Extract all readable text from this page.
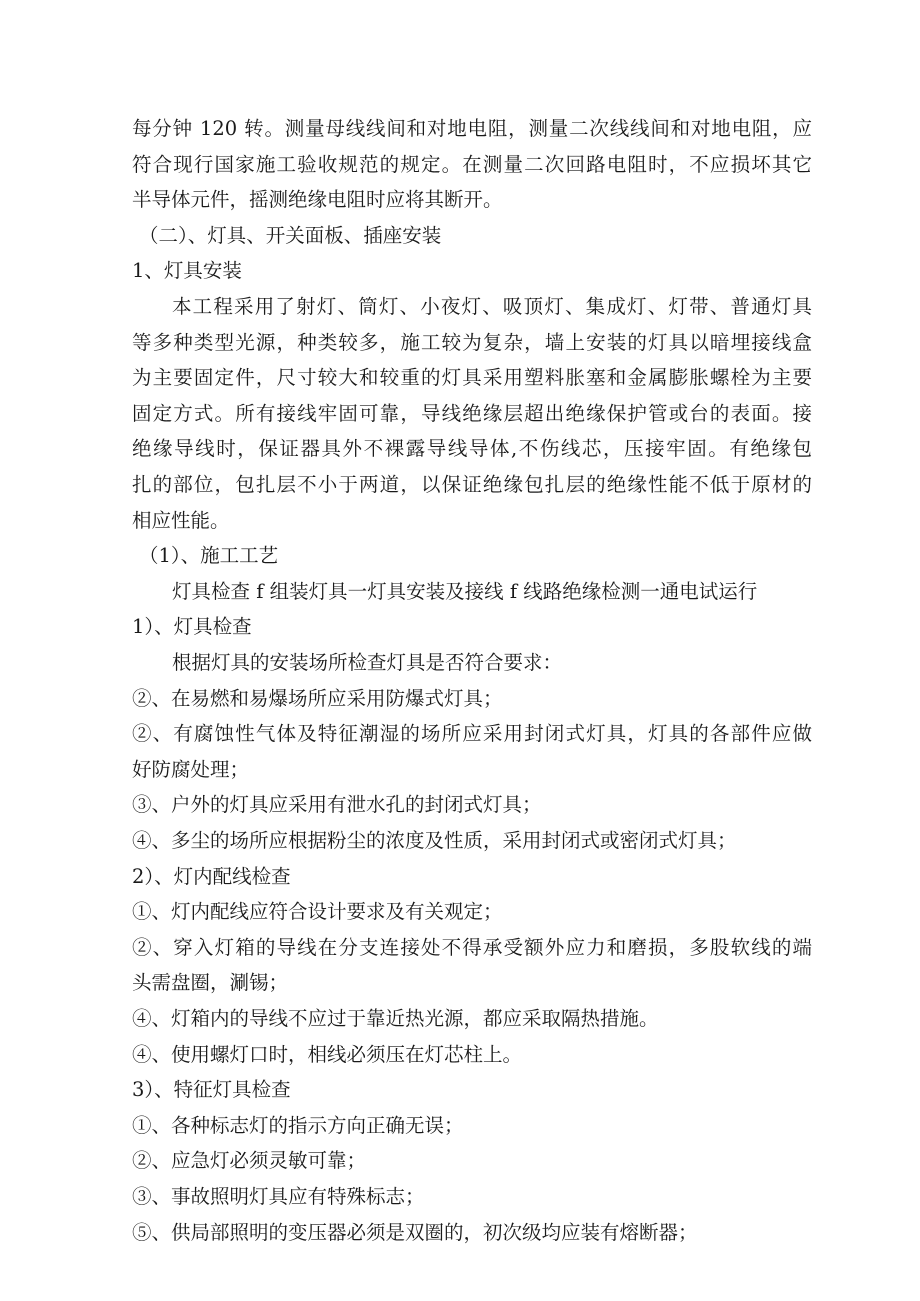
每分钟 120 转。测量母线线间和对地电阻，测量二次线线间和对地电阻，应
符合现行国家施工验收规范的规定。在测量二次回路电阻时，不应损坏其它
半导体元件，摇测绝缘电阻时应将其断开。
（二）、灯具、开关面板、插座安装
1、灯具安装
本工程采用了射灯、筒灯、小夜灯、吸顶灯、集成灯、灯带、普通灯具
等多种类型光源，种类较多，施工较为复杂，墙上安装的灯具以暗埋接线盒
为主要固定件，尺寸较大和较重的灯具采用塑料胀塞和金属膨胀螺栓为主要
固定方式。所有接线牢固可靠，导线绝缘层超出绝缘保护管或台的表面。接
绝缘导线时，保证器具外不裸露导线导体,不伤线芯，压接牢固。有绝缘包
扎的部位，包扎层不小于两道，以保证绝缘包扎层的绝缘性能不低于原材的
相应性能。
（1）、施工工艺
灯具检查 f 组装灯具一灯具安装及接线 f 线路绝缘检测一通电试运行
1）、灯具检查
根据灯具的安装场所检查灯具是否符合要求：
②、在易燃和易爆场所应采用防爆式灯具；
②、有腐蚀性气体及特征潮湿的场所应采用封闭式灯具，灯具的各部件应做
好防腐处理；
③、户外的灯具应采用有泄水孔的封闭式灯具；
④、多尘的场所应根据粉尘的浓度及性质，采用封闭式或密闭式灯具；
2）、灯内配线检查
①、灯内配线应符合设计要求及有关观定；
②、穿入灯箱的导线在分支连接处不得承受额外应力和磨损，多股软线的端
头需盘圈，涮锡；
④、灯箱内的导线不应过于靠近热光源，都应采取隔热措施。
④、使用螺灯口时，相线必须压在灯芯柱上。
3）、特征灯具检查
①、各种标志灯的指示方向正确无误；
②、应急灯必须灵敏可靠；
③、事故照明灯具应有特殊标志；
⑤、供局部照明的变压器必须是双圈的，初次级均应装有熔断器；
